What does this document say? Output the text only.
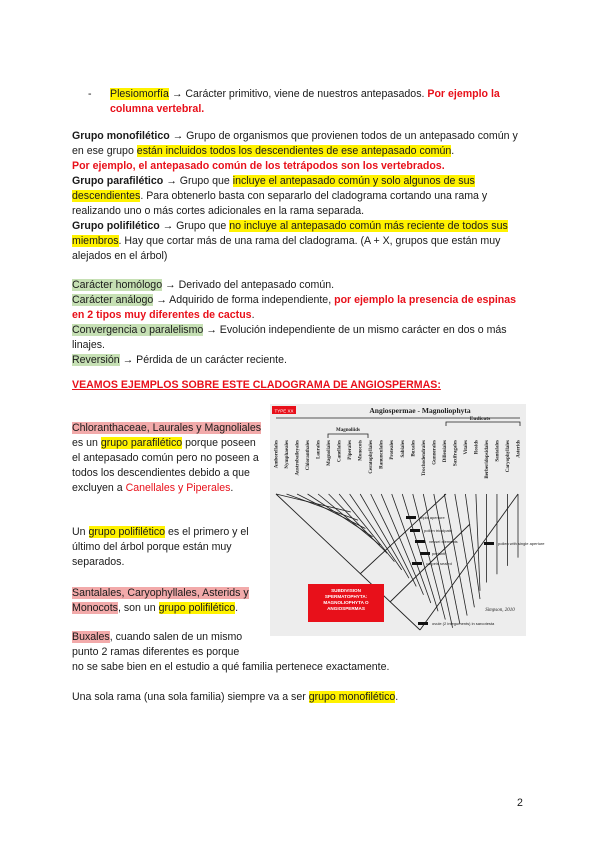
- Plesiomorfía → Carácter primitivo, viene de nuestros antepasados. Por ejemplo la columna vertebral.

Grupo monofilético → Grupo de organismos que provienen todos de un antepasado común y en ese grupo están incluidos todos los descendientes de ese antepasado común.
Por ejemplo, el antepasado común de los tetrápodos son los vertebrados.

Grupo parafilético → Grupo que incluye el antepasado común y solo algunos de sus descendientes. Para obtenerlo basta con separarlo del cladograma cortando una rama y realizando uno o más cortes adicionales en la rama separada.

Grupo polifilético → Grupo que no incluye al antepasado común más reciente de todos sus miembros. Hay que cortar más de una rama del cladograma. (A + X, grupos que están muy alejados en el árbol)

Carácter homólogo → Derivado del antepasado común.

Carácter análogo → Adquirido de forma independiente, por ejemplo la presencia de espinas en 2 tipos muy diferentes de cactus.

Convergencia o paralelismo → Evolución independiente de un mismo carácter en dos o más linajes.

Reversión → Pérdida de un carácter reciente.

VEAMOS EJEMPLOS SOBRE ESTE CLADOGRAMA DE ANGIOSPERMAS:

Chloranthaceae, Laurales y Magnoliales es un grupo parafilético porque poseen el antepasado común pero no poseen a todos los descendientes debido a que excluyen a Canellales y Piperales.

Un grupo polifilético es el primero y el último del árbol porque están muy separados.

Santalales, Caryophyllales, Asterids y Monocots, son un grupo polifilético.

Buxales, cuando salen de un mismo punto 2 ramas diferentes es porque

no se sabe bien en el estudio a qué familia pertenece exactamente.

Una sola rama (una sola familia) siempre va a ser grupo monofilético.

TYPE XX	Angiospermae - Magnoliophyta
Magnoliids
Eudicots
Amborellales Nymphaeales Austrobaileyales Chloranthales Laurales Magnoliales Canellales Piperales Monocots Ceratophyllales Ranunculales Proteales Sabiales Buxales Trochodendrales Gunnerales Dilleniales Saxifragales Vitales Rosids Berberidopsidales Santalales Caryophyllales Asterids
triple aperture
pollen tricolpate
vessel elements
perianth
carpels sealed
pollen with single aperture
ovule (2 integuments) in sarcotesta
SUBDIVISION SPERMATOPHYTA: MAGNOLIOPHYTA O ANGIOSPERMAS	Simpson, 2010
2
